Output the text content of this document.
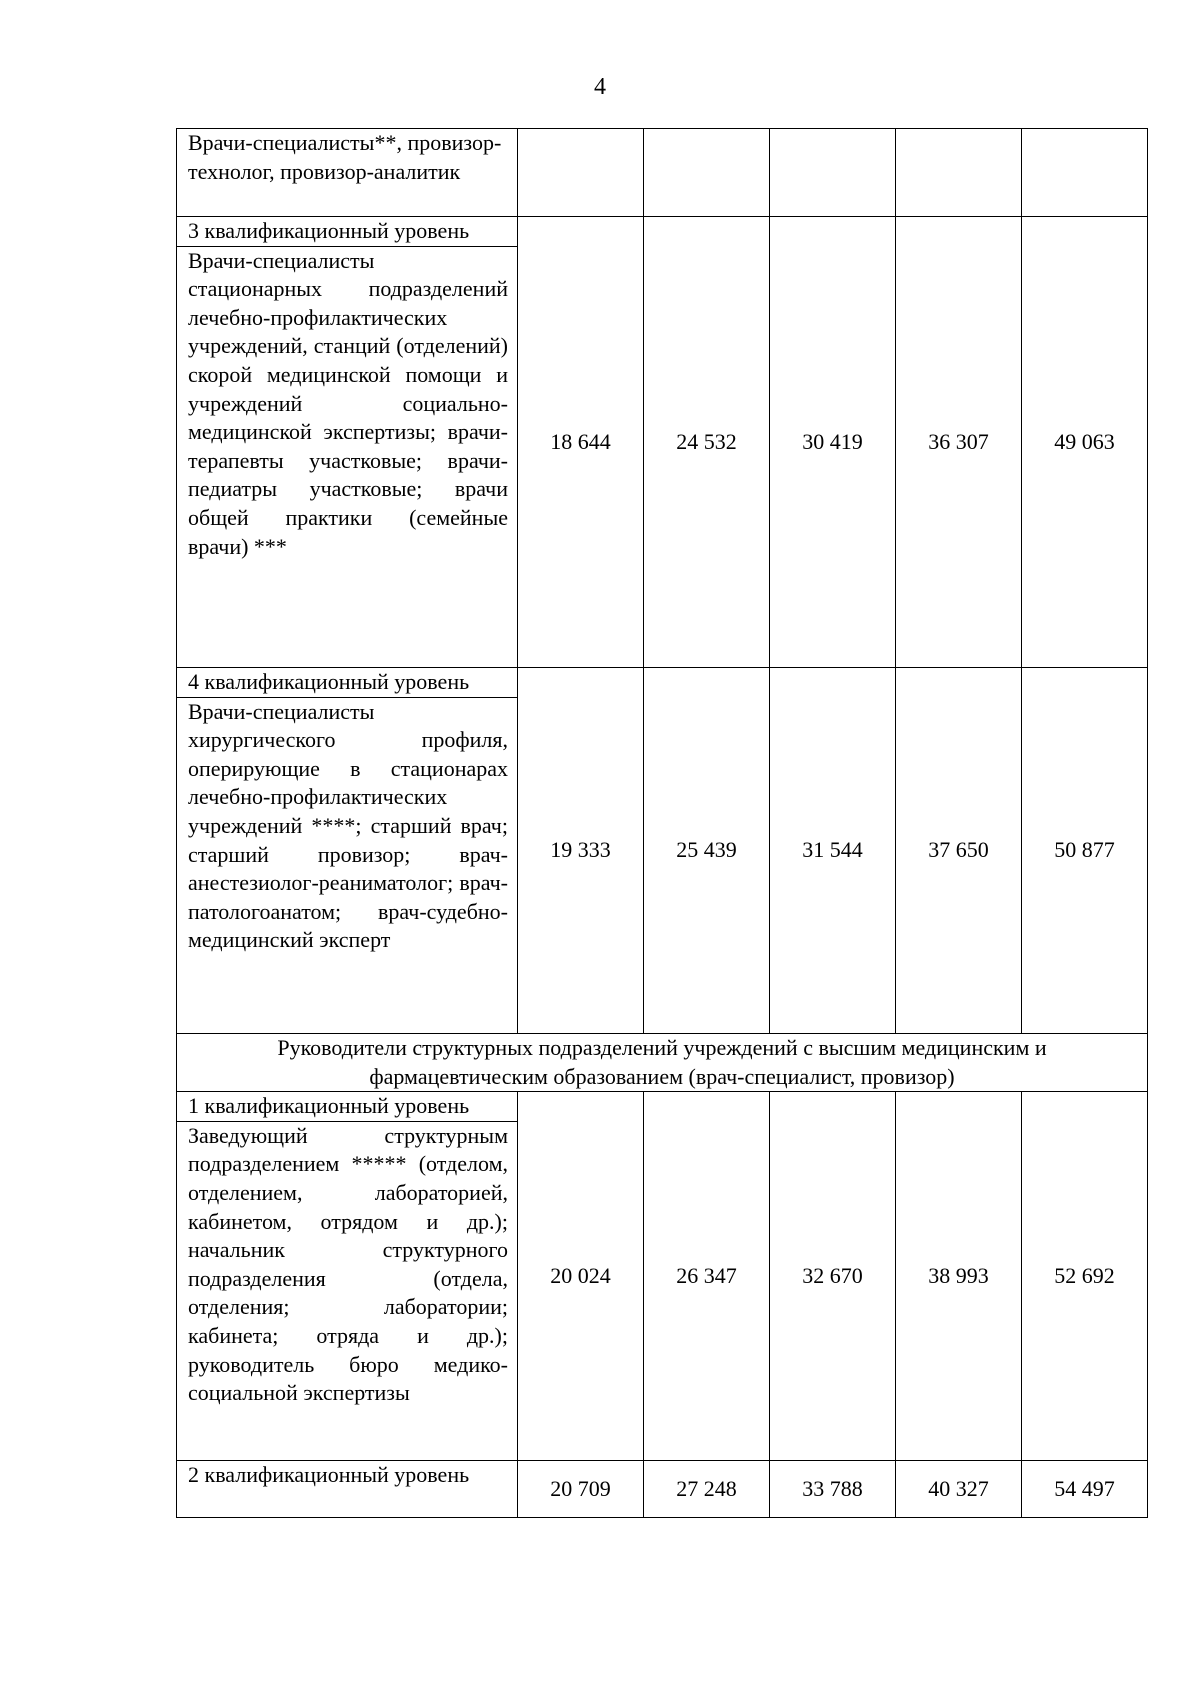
4
Врачи-специалисты**, провизор-технолог, провизор-аналитик					

3 квалификационный уровень
Врачи-специалисты стационарных подразделений лечебно-профилактических учреждений, станций (отделений) скорой медицинской помощи и учреждений социально-медицинской экспертизы; врачи-терапевты участковые; врачи-педиатры участковые; врачи общей практики (семейные врачи) ***	18 644	24 532	30 419	36 307	49 063

4 квалификационный уровень
Врачи-специалисты хирургического профиля, оперирующие в стационарах лечебно-профилактических учреждений ****; старший врач; старший провизор; врач-анестезиолог-реаниматолог; врач-патологоанатом; врач-судебно-медицинский эксперт	19 333	25 439	31 544	37 650	50 877
Руководители структурных подразделений учреждений с высшим медицинским и фармацевтическим образованием (врач-специалист, провизор)					

1 квалификационный уровень
Заведующий структурным подразделением ***** (отделом, отделением, лабораторией, кабинетом, отрядом и др.); начальник структурного подразделения (отдела, отделения; лаборатории; кабинета; отряда и др.); руководитель бюро медико-социальной экспертизы	20 024	26 347	32 670	38 993	52 692
2 квалификационный уровень	20 709	27 248	33 788	40 327	54 497
